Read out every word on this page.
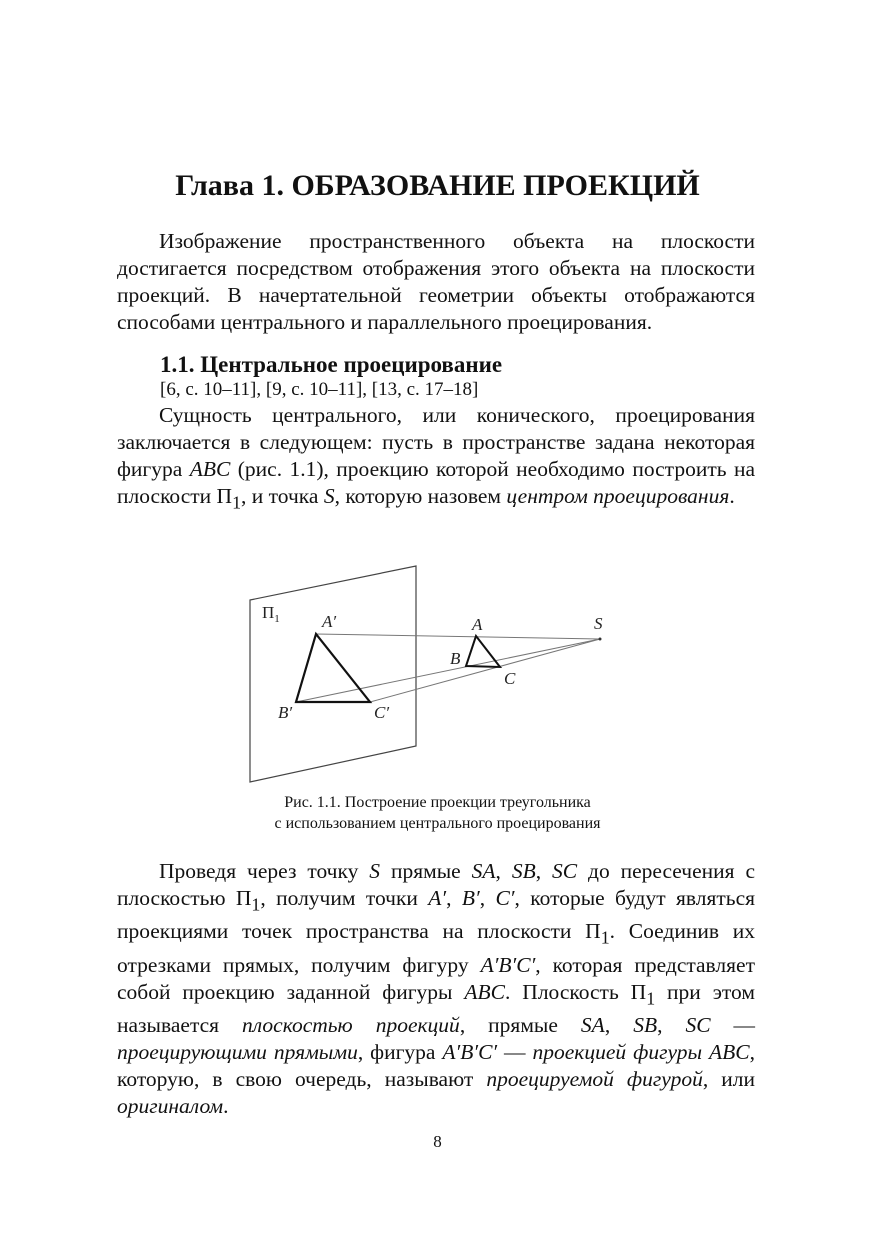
Глава 1. ОБРАЗОВАНИЕ ПРОЕКЦИЙ

Изображение пространственного объекта на плоскости достигается посредством отображения этого объекта на плоскости проекций. В начертательной геометрии объекты отображаются способами центрального и параллельного проецирования.

1.1. Центральное проецирование
[6, с. 10–11], [9, с. 10–11], [13, с. 17–18]

Сущность центрального, или конического, проецирования заключается в следующем: пусть в пространстве задана некоторая фигура ABC (рис. 1.1), проекцию которой необходимо построить на плоскости $П_1$, и точка S, которую назовем центром проецирования.

$П_1$ A′
B′	C′
A
B
C
S
Рис. 1.1. Построение проекции треугольника
с использованием центрального проецирования

Проведя через точку S прямые SA, SB, SC до пересечения с плоскостью $П_1$, получим точки A′, B′, C′, которые будут являться проекциями точек пространства на плоскости $П_1$. Соединив их отрезками прямых, получим фигуру A′B′C′, которая представляет собой проекцию заданной фигуры ABC. Плоскость $П_1$ при этом называется плоскостью проекций, прямые SA, SB, SC — проецирующими прямыми, фигура A′B′C′ — проекцией фигуры ABC, которую, в свою очередь, называют проецируемой фигурой, или оригиналом.

8
